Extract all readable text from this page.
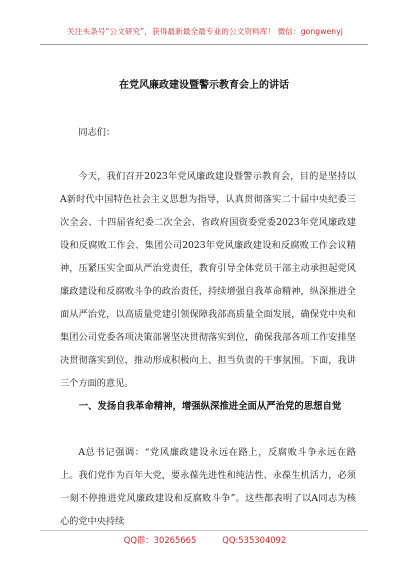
关注头条号“公文研究”，获得最新最全最专业的公文资料库！ 微信：gongwenyj
在党风廉政建设暨警示教育会上的讲话
同志们：
今天，我们召开2023年党风廉政建设暨警示教育会，目的是坚持以A新时代中国特色社会主义思想为指导，认真贯彻落实二十届中央纪委三次全会、十四届省纪委二次全会、省政府国资委党委2023年党风廉政建设和反腐败工作会、集团公司2023年党风廉政建设和反腐败工作会议精神，压紧压实全面从严治党责任，教育引导全体党员干部主动承担起党风廉政建设和反腐败斗争的政治责任，持续增强自我革命精神，纵深推进全面从严治党，以高质量党建引领保障我部高质量全面发展，确保党中央和集团公司党委各项决策部署坚决贯彻落实到位，确保我部各项工作安排坚决贯彻落实到位，推动形成积极向上、担当负责的干事氛围。下面，我讲三个方面的意见。
一、发扬自我革命精神，增强纵深推进全面从严治党的思想自觉
A总书记强调：“党风廉政建设永远在路上，反腐败斗争永远在路上。我们党作为百年大党，要永葆先进性和纯洁性、永葆生机活力，必须一刻不停推进党风廉政建设和反腐败斗争”。这些都表明了以A同志为核心的党中央持续
QQ群：30265665	QQ:535304092
